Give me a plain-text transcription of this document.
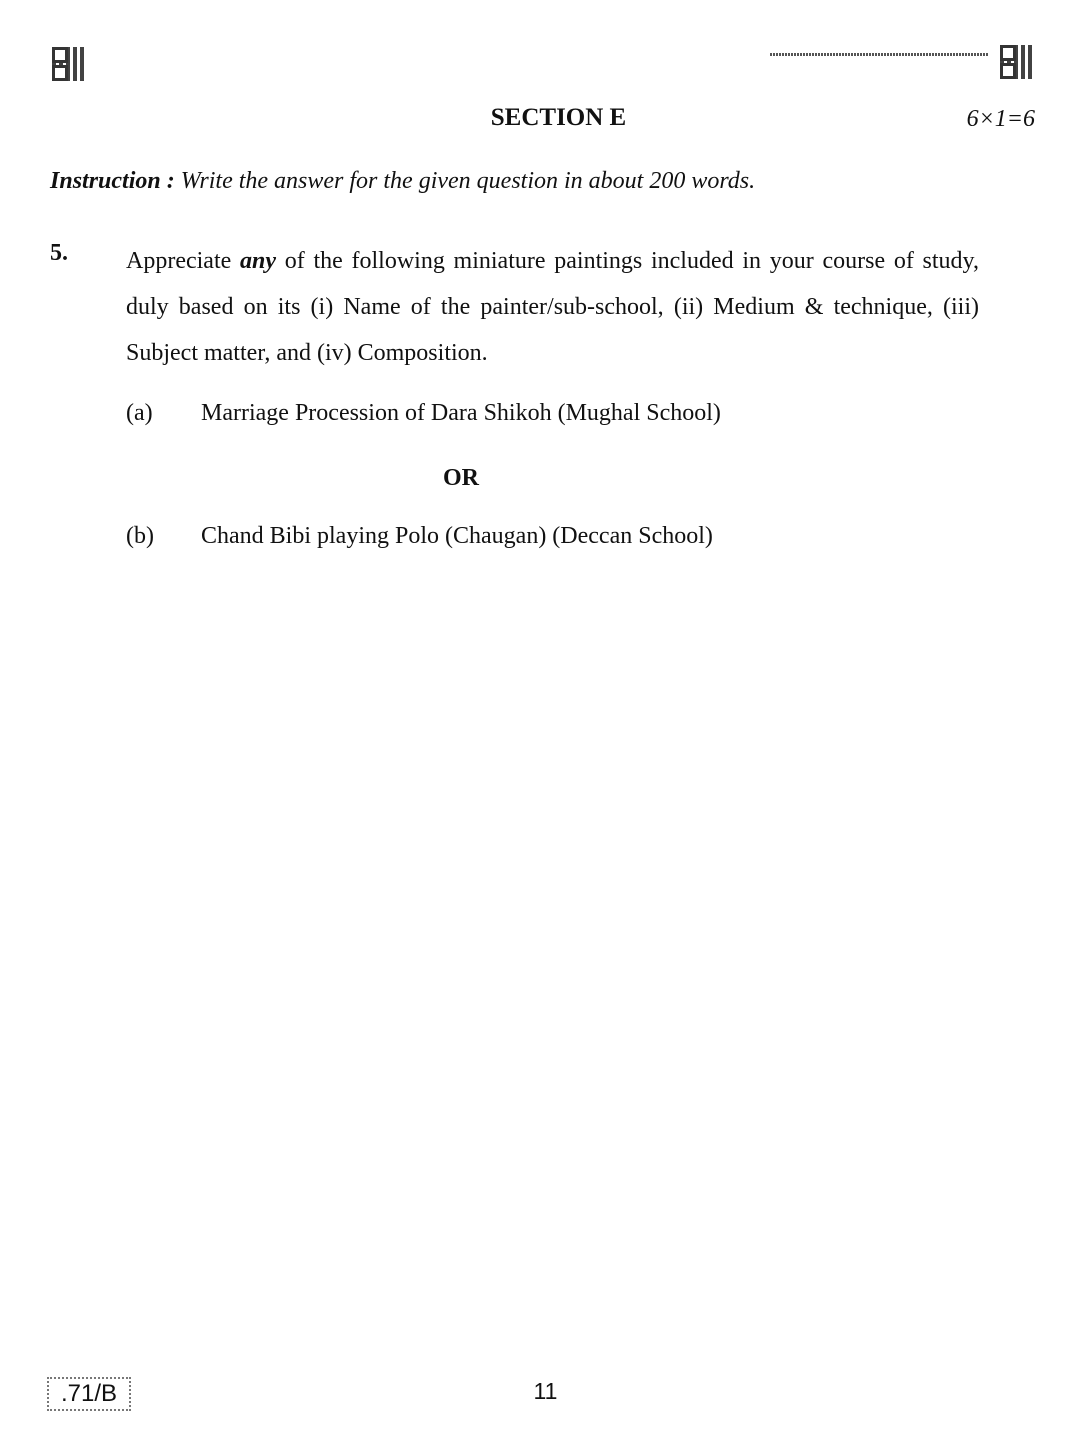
SECTION E	6×1=6
Instruction : Write the answer for the given question in about 200 words.
5. Appreciate any of the following miniature paintings included in your course of study, duly based on its (i) Name of the painter/sub-school, (ii) Medium & technique, (iii) Subject matter, and (iv) Composition.
(a) Marriage Procession of Dara Shikoh (Mughal School)
OR
(b) Chand Bibi playing Polo (Chaugan) (Deccan School)
.71/B	11
